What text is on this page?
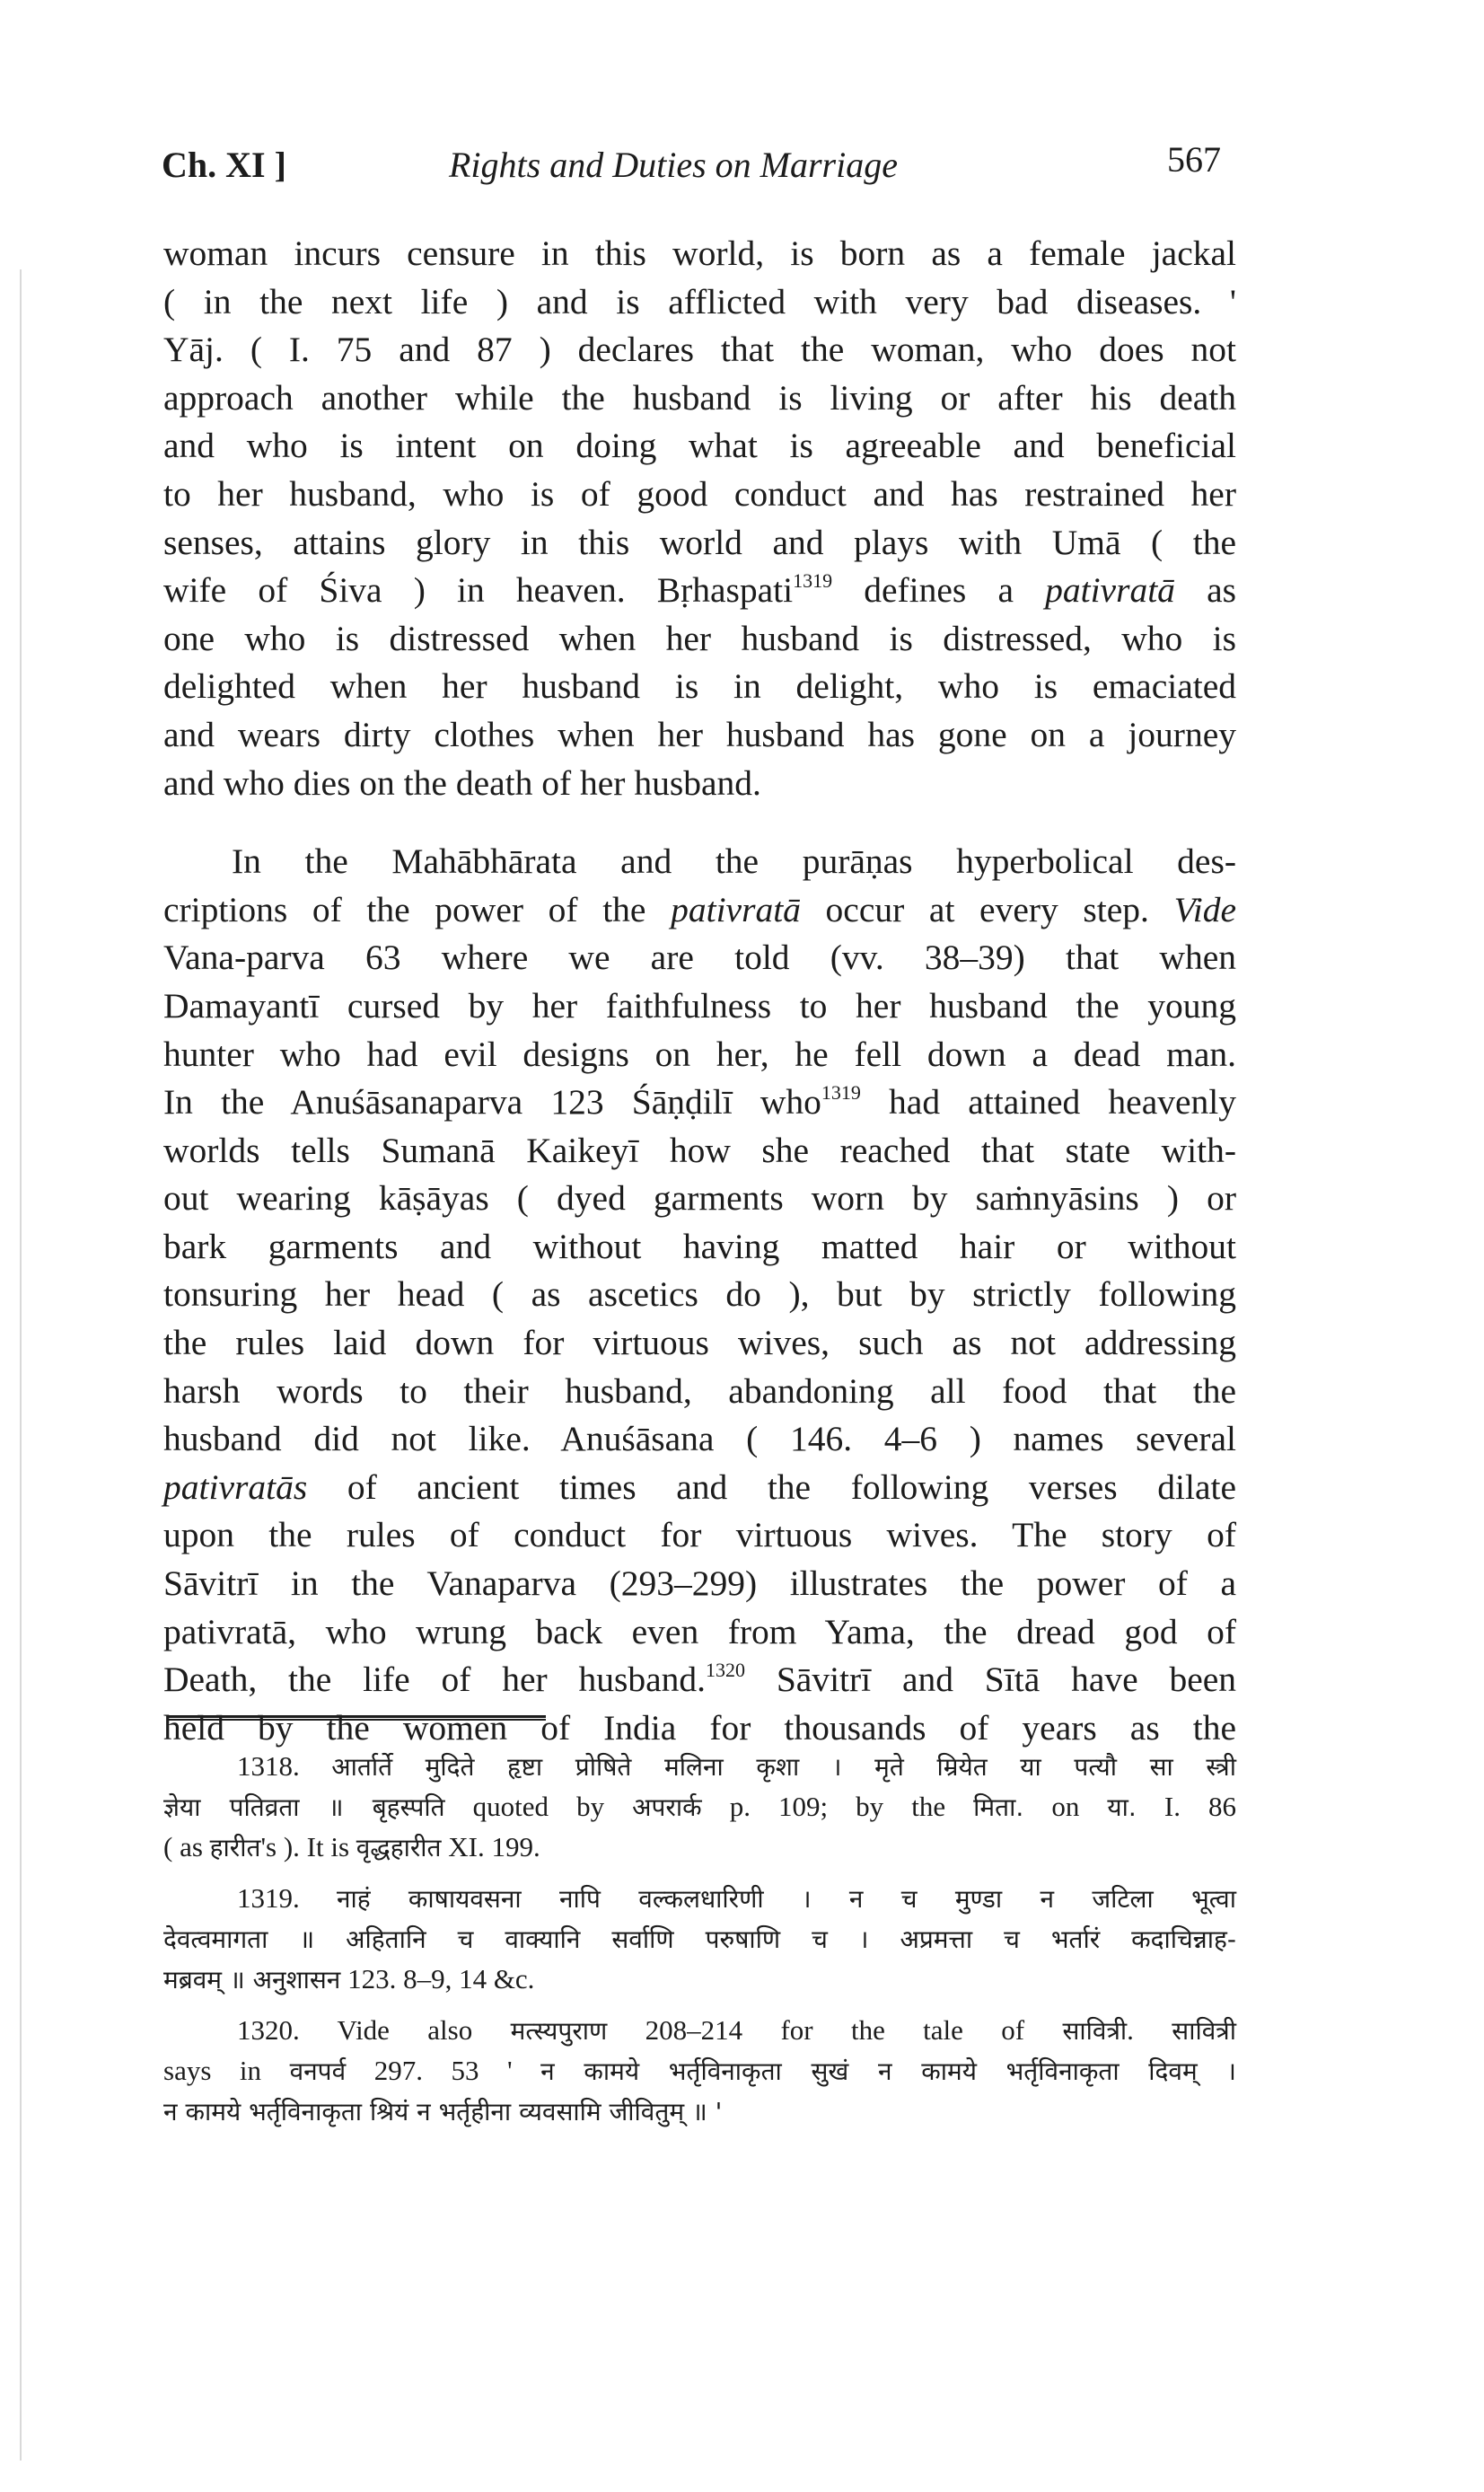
Ch. XI ]	Rights and Duties on Marriage	567
woman incurs censure in this world, is born as a female jackal
( in the next life ) and is afflicted with very bad diseases. '
Yāj. ( I. 75 and 87 ) declares that the woman, who does not
approach another while the husband is living or after his death
and who is intent on doing what is agreeable and beneficial
to her husband, who is of good conduct and has restrained her
senses, attains glory in this world and plays with Umā ( the
wife of Śiva ) in heaven. Bṛhaspati$^{1319}$ defines a pativratā as
one who is distressed when her husband is distressed, who is
delighted when her husband is in delight, who is emaciated
and wears dirty clothes when her husband has gone on a journey
and who dies on the death of her husband.
In the Mahābhārata and the purāṇas hyperbolical des-
criptions of the power of the pativratā occur at every step. Vide
Vana-parva 63 where we are told (vv. 38–39) that when
Damayantī cursed by her faithfulness to her husband the young
hunter who had evil designs on her, he fell down a dead man.
In the Anuśāsanaparva 123 Śāṇḍilī who$^{1319}$ had attained heavenly
worlds tells Sumanā Kaikeyī how she reached that state with-
out wearing kāṣāyas ( dyed garments worn by saṁnyāsins ) or
bark garments and without having matted hair or without
tonsuring her head ( as ascetics do ), but by strictly following
the rules laid down for virtuous wives, such as not addressing
harsh words to their husband, abandoning all food that the
husband did not like. Anuśāsana ( 146. 4–6 ) names several
pativratās of ancient times and the following verses dilate
upon the rules of conduct for virtuous wives. The story of
Sāvitrī in the Vanaparva (293–299) illustrates the power of a
pativratā, who wrung back even from Yama, the dread god of
Death, the life of her husband.$^{1320}$ Sāvitrī and Sītā have been
held by the women of India for thousands of years as the
1318. आर्तार्ते मुदिते हृष्टा प्रोषिते मलिना कृशा । मृते म्रियेत या पत्यौ सा स्त्री
ज्ञेया पतिव्रता ॥ बृहस्पति quoted by अपरार्क p. 109; by the मिता. on या. I. 86
( as हारीत's ). It is वृद्धहारीत XI. 199.
1319. नाहं काषायवसना नापि वल्कलधारिणी । न च मुण्डा न जटिला भूत्वा
देवत्वमागता ॥ अहितानि च वाक्यानि सर्वाणि परुषाणि च । अप्रमत्ता च भर्तारं कदाचिन्नाह-
मब्रवम् ॥ अनुशासन 123. 8–9, 14 &c.
1320. Vide also मत्स्यपुराण 208–214 for the tale of सावित्री. सावित्री
says in वनपर्व 297. 53 ' न कामये भर्तृविनाकृता सुखं न कामये भर्तृविनाकृता दिवम् ।
न कामये भर्तृविनाकृता श्रियं न भर्तृहीना व्यवसामि जीवितुम् ॥ '
